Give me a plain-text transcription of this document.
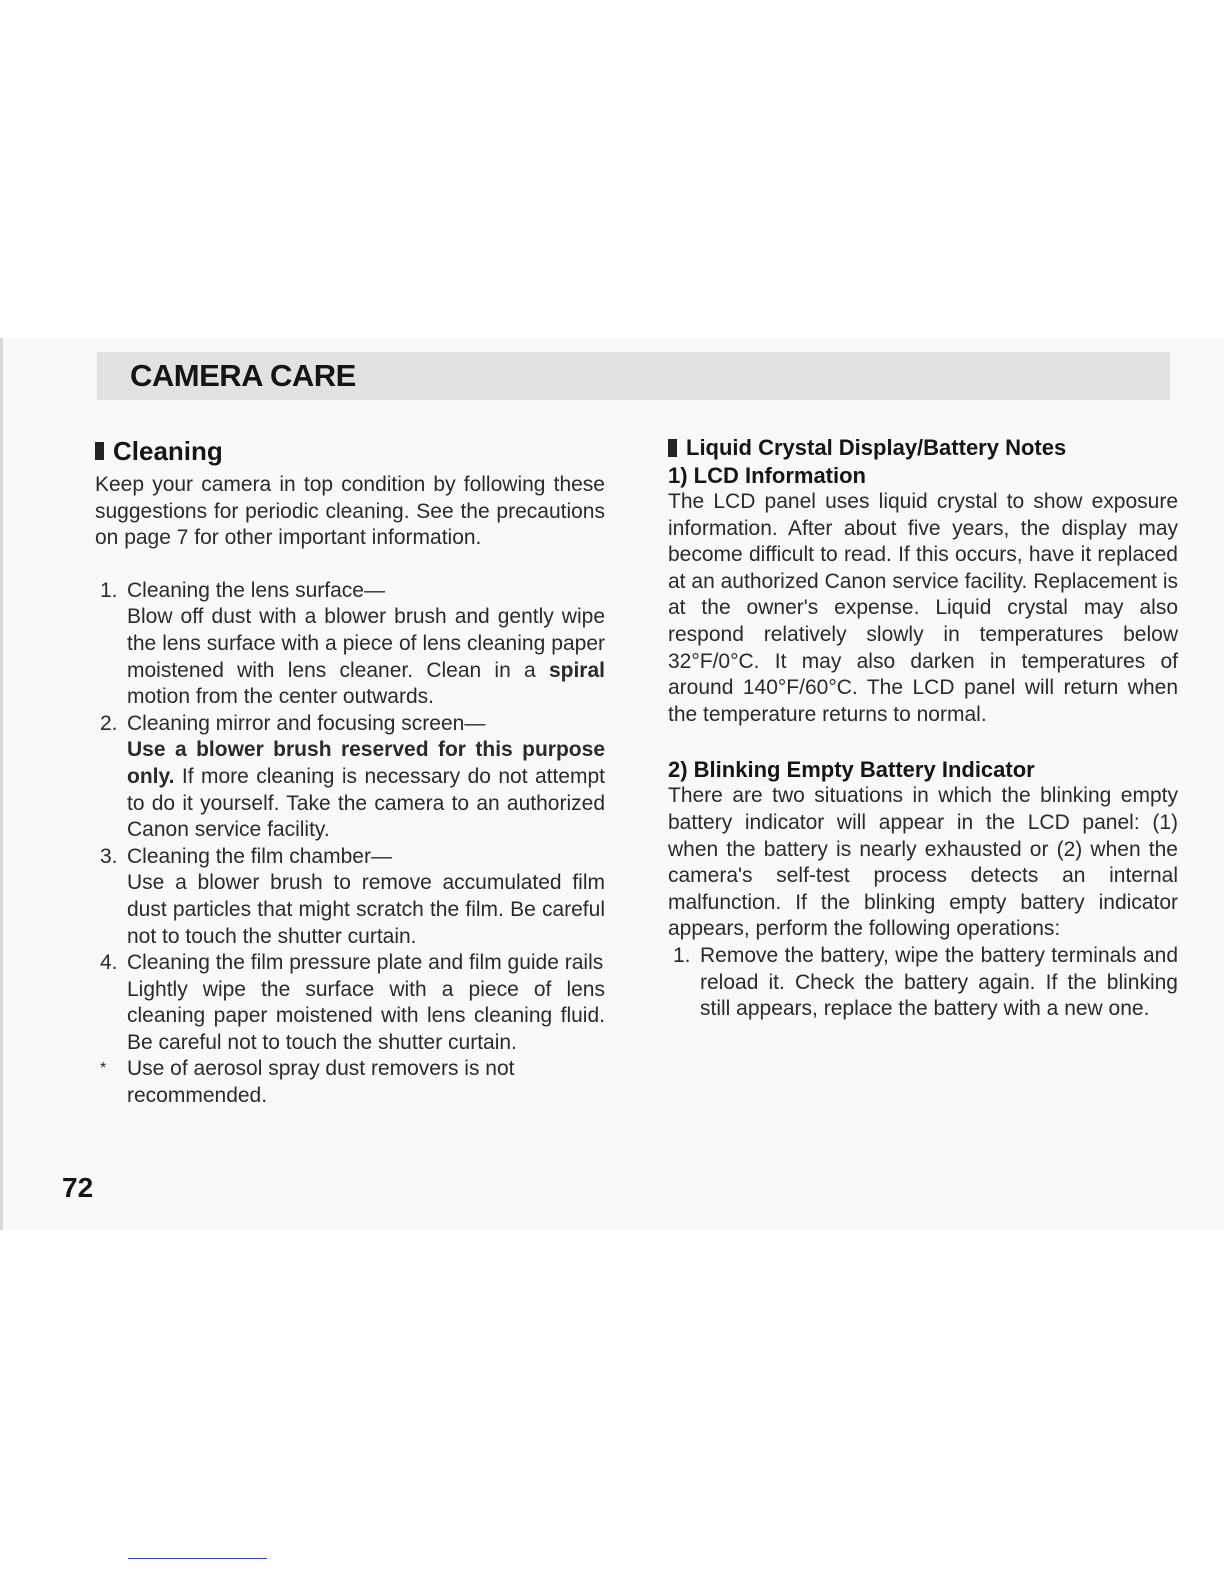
CAMERA CARE
Cleaning

Keep your camera in top condition by following these suggestions for periodic cleaning. See the precautions on page 7 for other important information.

1. Cleaning the lens surface—
Blow off dust with a blower brush and gently wipe the lens surface with a piece of lens cleaning paper moistened with lens cleaner. Clean in a spiral motion from the center outwards.
2. Cleaning mirror and focusing screen—
Use a blower brush reserved for this purpose only. If more cleaning is necessary do not attempt to do it yourself. Take the camera to an authorized Canon service facility.
3. Cleaning the film chamber—
Use a blower brush to remove accumulated film dust particles that might scratch the film. Be careful not to touch the shutter curtain.
4. Cleaning the film pressure plate and film guide rails
Lightly wipe the surface with a piece of lens cleaning paper moistened with lens cleaning fluid. Be careful not to touch the shutter curtain.
* Use of aerosol spray dust removers is not recommended.
Liquid Crystal Display/Battery Notes
1) LCD Information

The LCD panel uses liquid crystal to show exposure information. After about five years, the display may become difficult to read. If this occurs, have it replaced at an authorized Canon service facility. Replacement is at the owner's expense. Liquid crystal may also respond relatively slowly in temperatures below 32°F/0°C. It may also darken in temperatures of around 140°F/60°C. The LCD panel will return when the temperature returns to normal.

2) Blinking Empty Battery Indicator

There are two situations in which the blinking empty battery indicator will appear in the LCD panel: (1) when the battery is nearly exhausted or (2) when the camera's self-test process detects an internal malfunction. If the blinking empty battery indicator appears, perform the following operations:

1. Remove the battery, wipe the battery terminals and reload it. Check the battery again. If the blinking still appears, replace the battery with a new one.
72
